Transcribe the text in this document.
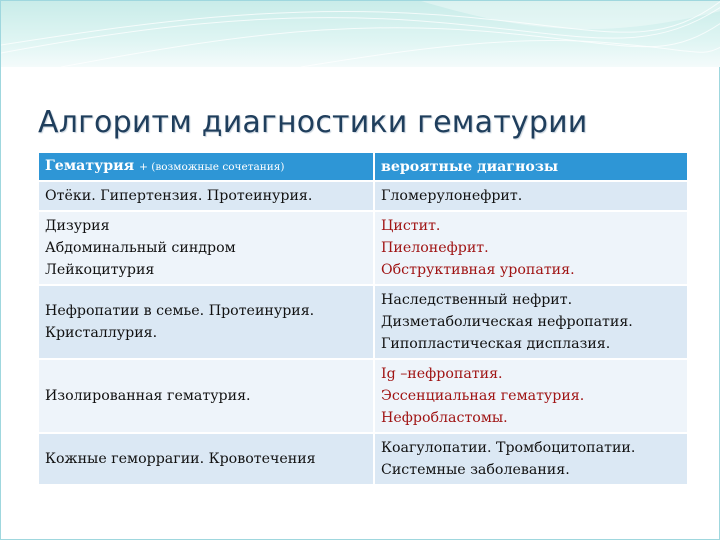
Алгоритм диагностики гематурии
Гематурия + (возможные сочетания)	вероятные диагнозы

Отёки. Гипертензия. Протеинурия.	Гломерулонефрит.

Дизурия
Абдоминальный синдром
Лейкоцитурия	Цистит.
Пиелонефрит.
Обструктивная уропатия.

Нефропатии в семье. Протеинурия.
Кристаллурия.	Наследственный нефрит.
Дизметаболическая нефропатия.
Гипопластическая дисплазия.

Изолированная гематурия.	Ig –нефропатия.
Эссенциальная гематурия.
Нефробластомы.

Кожные геморрагии. Кровотечения	Коагулопатии. Тромбоцитопатии.
Системные заболевания.
